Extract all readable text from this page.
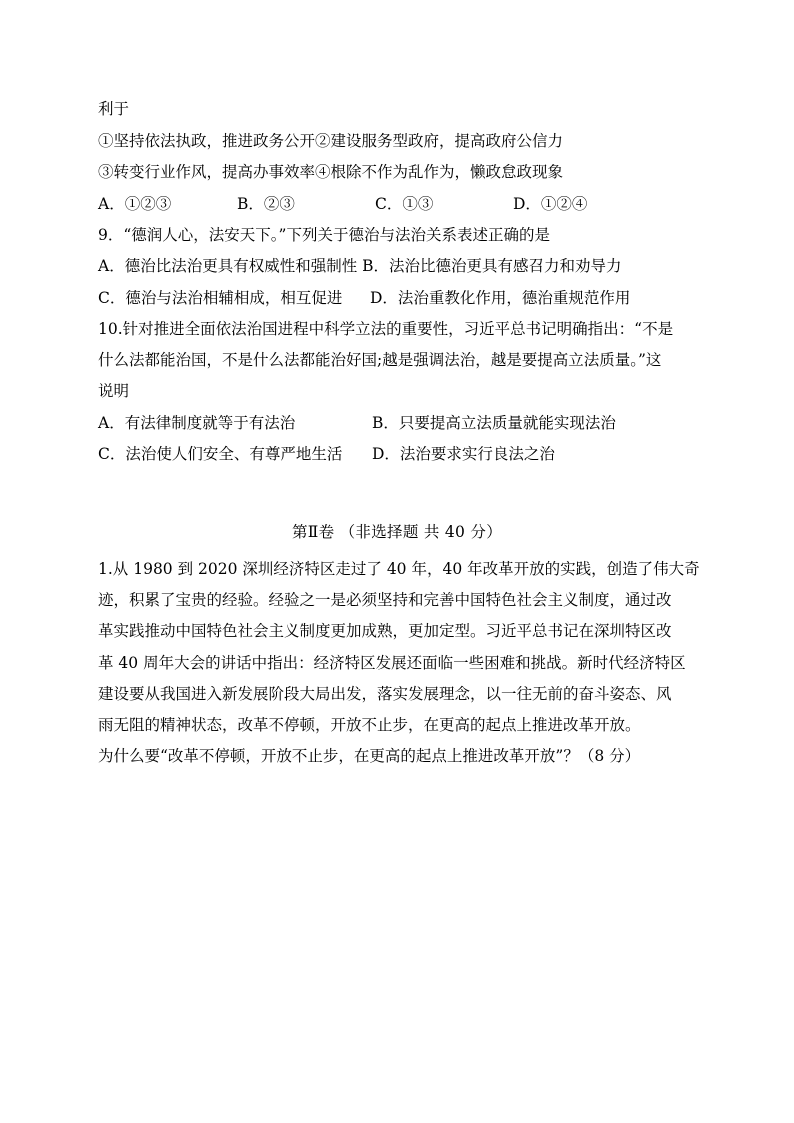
利于
①坚持依法执政，推进政务公开②建设服务型政府，提高政府公信力
③转变行业作风，提高办事效率④根除不作为乱作为，懒政怠政现象
A．①②③	B．②③	C．①③	D．①②④
9．“德润人心，法安天下。”下列关于德治与法治关系表述正确的是
A．德治比法治更具有权威性和强制性 B．法治比德治更具有感召力和劝导力
C．德治与法治相辅相成，相互促进 D．法治重教化作用，德治重规范作用
10.针对推进全面依法治国进程中科学立法的重要性，习近平总书记明确指出：“不是
什么法都能治国，不是什么法都能治好国;越是强调法治，越是要提高立法质量。”这
说明
A．有法律制度就等于有法治	B．只要提高立法质量就能实现法治
C．法治使人们安全、有尊严地生活 D．法治要求实行良法之治
第Ⅱ卷 （非选择题 共 40 分）
1.从 1980 到 2020 深圳经济特区走过了 40 年，40 年改革开放的实践，创造了伟大奇
迹，积累了宝贵的经验。经验之一是必须坚持和完善中国特色社会主义制度，通过改
革实践推动中国特色社会主义制度更加成熟，更加定型。习近平总书记在深圳特区改
革 40 周年大会的讲话中指出：经济特区发展还面临一些困难和挑战。新时代经济特区
建设要从我国进入新发展阶段大局出发，落实发展理念，以一往无前的奋斗姿态、风
雨无阻的精神状态，改革不停顿，开放不止步，在更高的起点上推进改革开放。
为什么要“改革不停顿，开放不止步，在更高的起点上推进改革开放”？（8 分）
